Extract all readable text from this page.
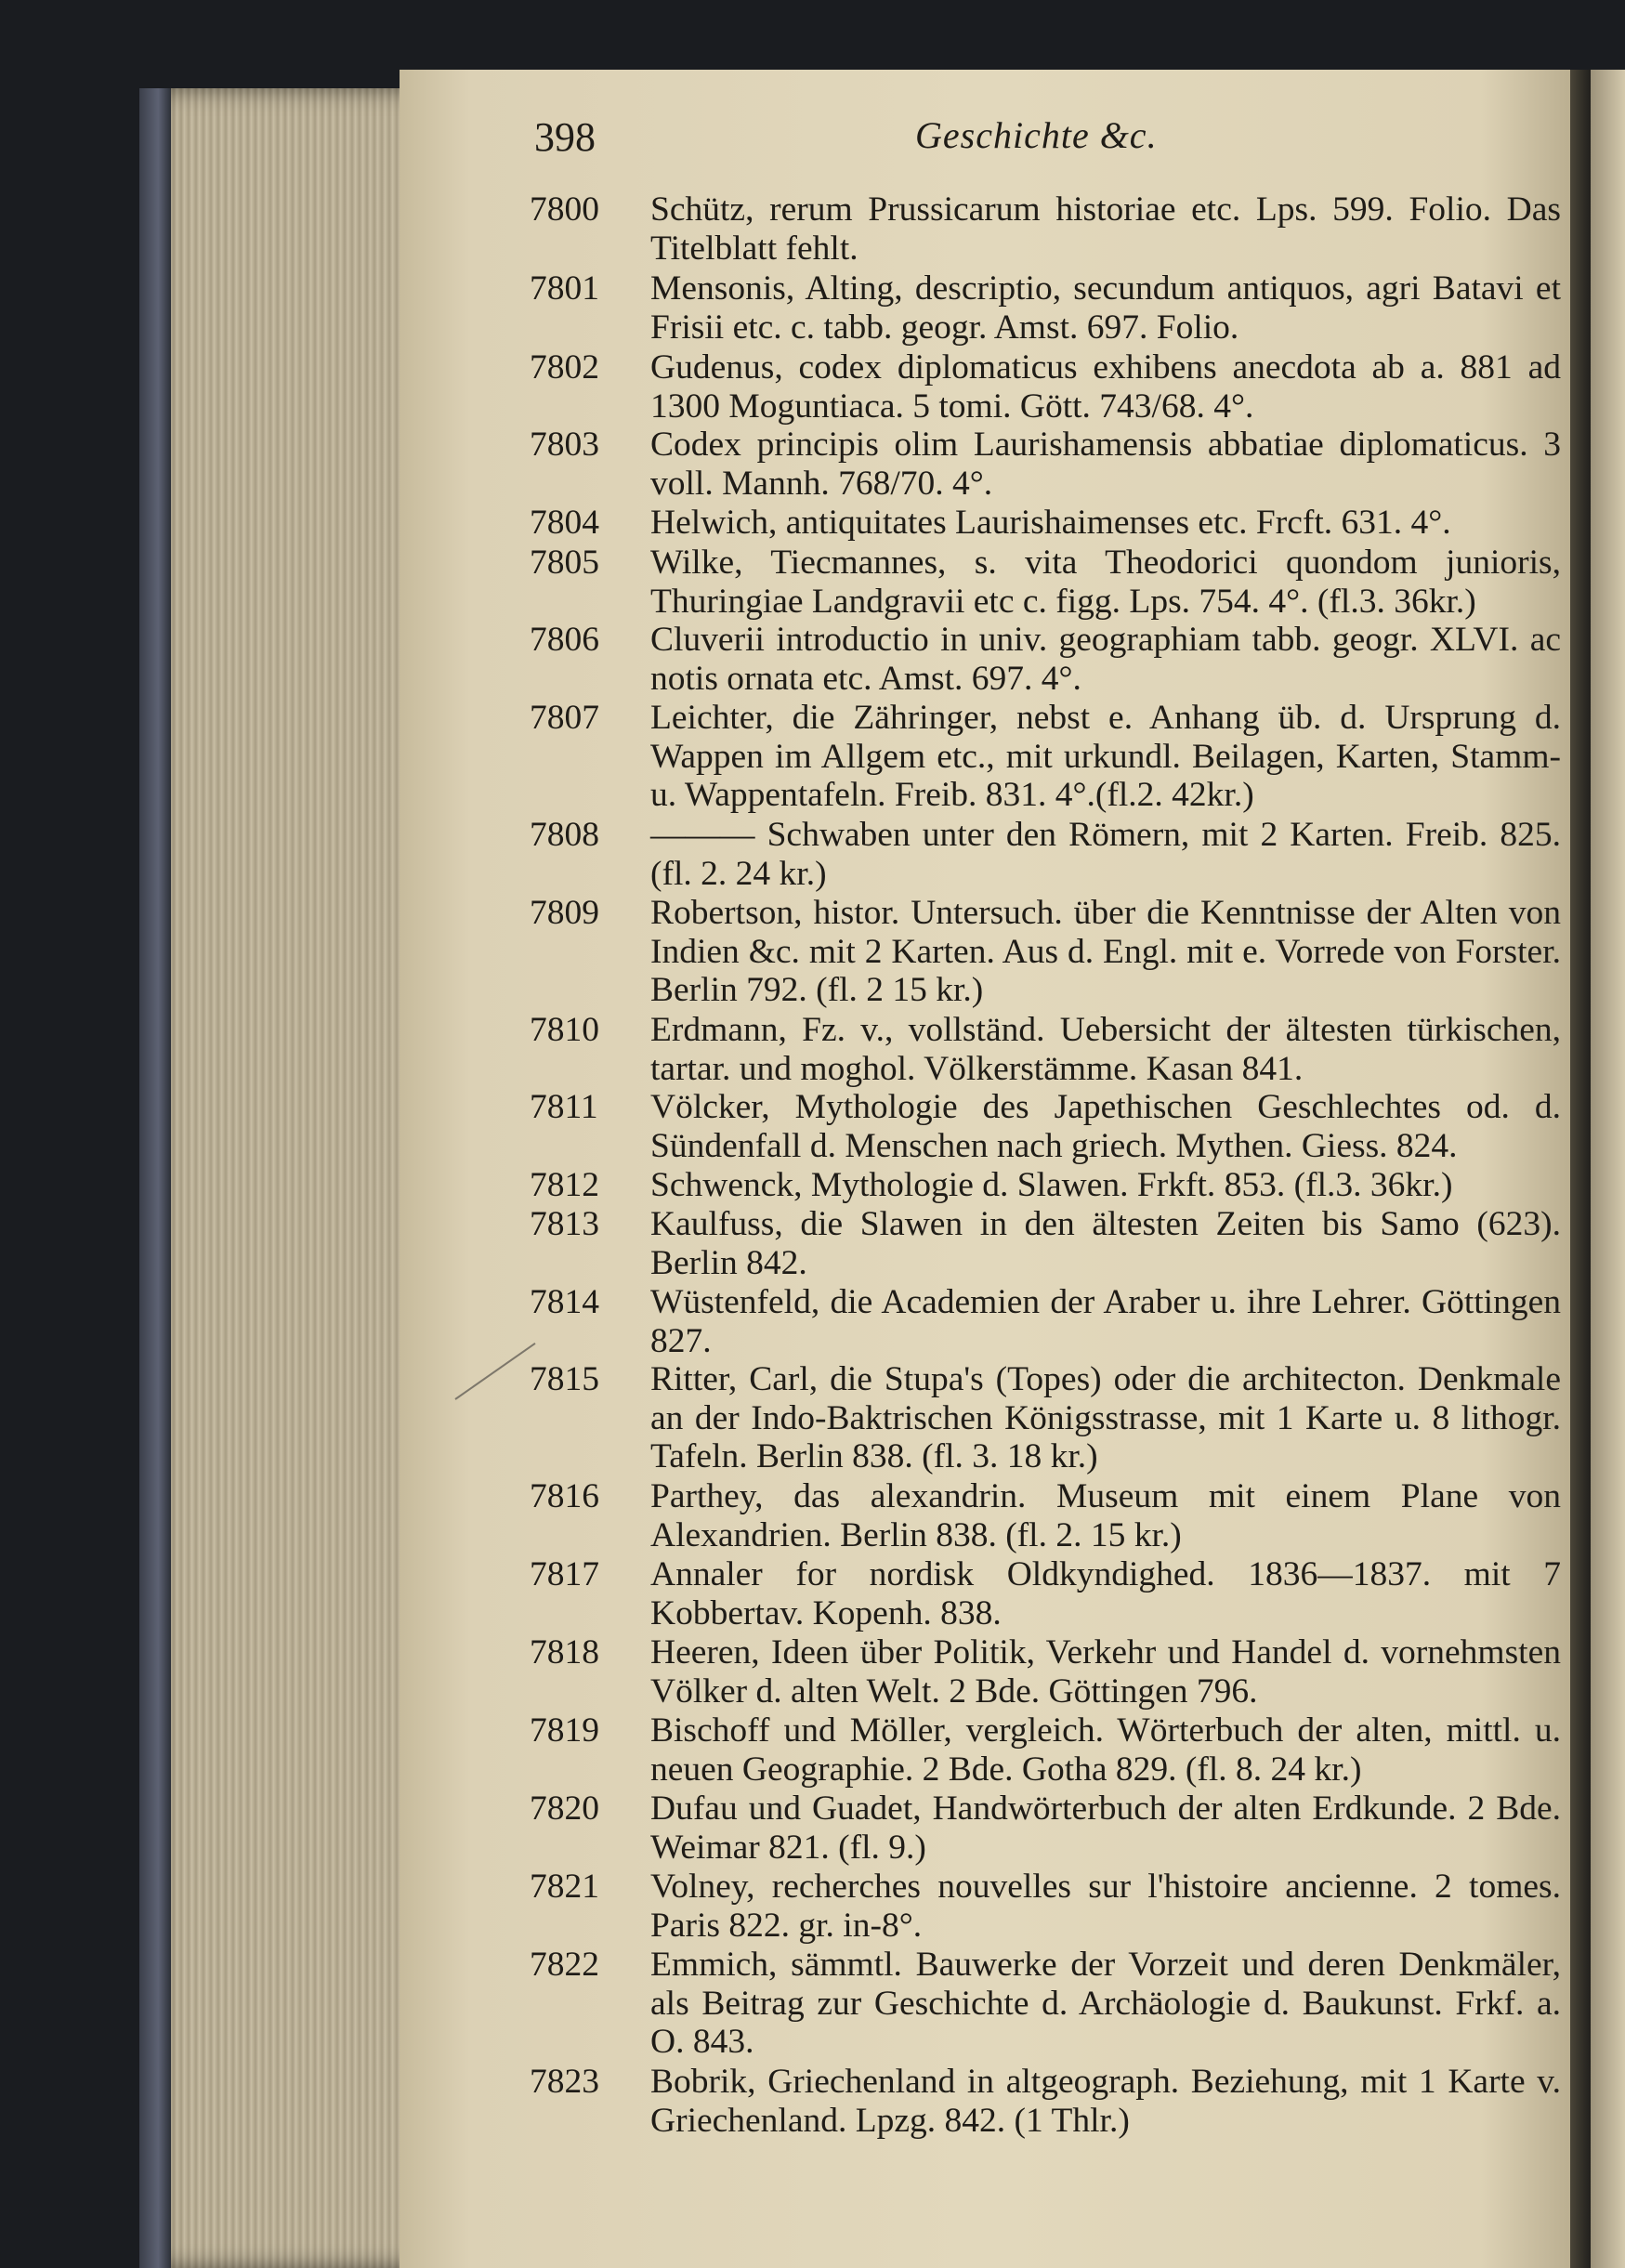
398	Geschichte &c.
7800	Schütz, rerum Prussicarum historiae etc. Lps. 599. Folio. Das Titelblatt fehlt.
7801	Mensonis, Alting, descriptio, secundum antiquos, agri Batavi et Frisii etc. c. tabb. geogr. Amst. 697. Folio.
7802	Gudenus, codex diplomaticus exhibens anecdota ab a. 881 ad 1300 Moguntiaca. 5 tomi. Gött. 743/68. 4°.
7803	Codex principis olim Laurishamensis abbatiae diplomaticus. 3 voll. Mannh. 768/70. 4°.
7804	Helwich, antiquitates Laurishaimenses etc. Frcft. 631. 4°.
7805	Wilke, Tiecmannes, s. vita Theodorici quondom junioris, Thuringiae Landgravii etc c. figg. Lps. 754. 4°. (fl.3. 36kr.)
7806	Cluverii introductio in univ. geographiam tabb. geogr. XLVI. ac notis ornata etc. Amst. 697. 4°.
7807	Leichter, die Zähringer, nebst e. Anhang üb. d. Ursprung d. Wappen im Allgem etc., mit urkundl. Beilagen, Karten, Stamm- u. Wappentafeln. Freib. 831. 4°.(fl.2. 42kr.)
7808	——— Schwaben unter den Römern, mit 2 Karten. Freib. 825. (fl. 2. 24 kr.)
7809	Robertson, histor. Untersuch. über die Kenntnisse der Alten von Indien &c. mit 2 Karten. Aus d. Engl. mit e. Vorrede von Forster. Berlin 792. (fl. 2 15 kr.)
7810	Erdmann, Fz. v., vollständ. Uebersicht der ältesten türkischen, tartar. und moghol. Völkerstämme. Kasan 841.
7811	Völcker, Mythologie des Japethischen Geschlechtes od. d. Sündenfall d. Menschen nach griech. Mythen. Giess. 824.
7812	Schwenck, Mythologie d. Slawen. Frkft. 853. (fl.3. 36kr.)
7813	Kaulfuss, die Slawen in den ältesten Zeiten bis Samo (623). Berlin 842.
7814	Wüstenfeld, die Academien der Araber u. ihre Lehrer. Göttingen 827.
7815	Ritter, Carl, die Stupa's (Topes) oder die architecton. Denkmale an der Indo-Baktrischen Königsstrasse, mit 1 Karte u. 8 lithogr. Tafeln. Berlin 838. (fl. 3. 18 kr.)
7816	Parthey, das alexandrin. Museum mit einem Plane von Alexandrien. Berlin 838. (fl. 2. 15 kr.)
7817	Annaler for nordisk Oldkyndighed. 1836—1837. mit 7 Kobbertav. Kopenh. 838.
7818	Heeren, Ideen über Politik, Verkehr und Handel d. vornehmsten Völker d. alten Welt. 2 Bde. Göttingen 796.
7819	Bischoff und Möller, vergleich. Wörterbuch der alten, mittl. u. neuen Geographie. 2 Bde. Gotha 829. (fl. 8. 24 kr.)
7820	Dufau und Guadet, Handwörterbuch der alten Erdkunde. 2 Bde. Weimar 821. (fl. 9.)
7821	Volney, recherches nouvelles sur l'histoire ancienne. 2 tomes. Paris 822. gr. in-8°.
7822	Emmich, sämmtl. Bauwerke der Vorzeit und deren Denkmäler, als Beitrag zur Geschichte d. Archäologie d. Baukunst. Frkf. a. O. 843.
7823	Bobrik, Griechenland in altgeograph. Beziehung, mit 1 Karte v. Griechenland. Lpzg. 842. (1 Thlr.)
